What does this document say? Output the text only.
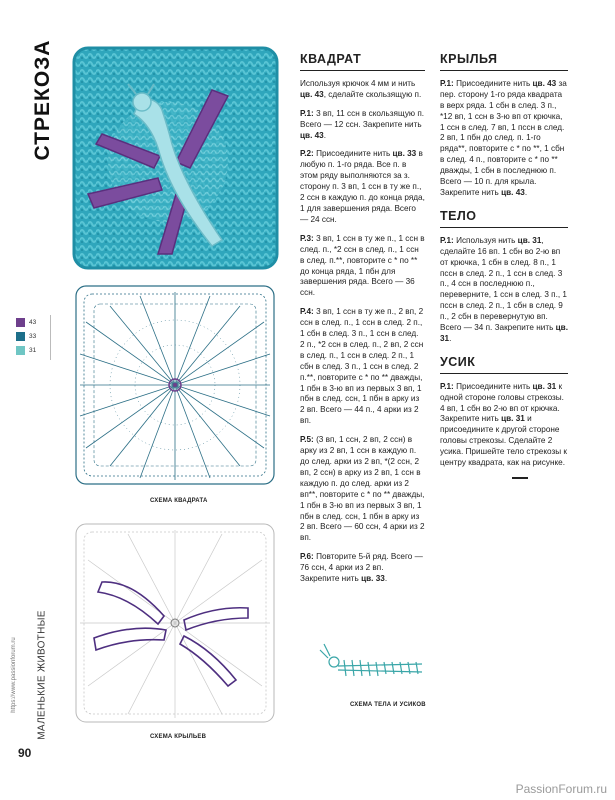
СТРЕКОЗА
43
33
31
СХЕМА КВАДРАТА
СХЕМА КРЫЛЬЕВ
СХЕМА ТЕЛА И УСИКОВ
КВАДРАТ

Используя крючок 4 мм и нить цв. 43, сделайте скользящую п.

Р.1: 3 вп, 11 ссн в скользящую п. Всего — 12 ссн. Закрепите нить цв. 43.

Р.2: Присоедините нить цв. 33 в любую п. 1-го ряда. Все п. в этом ряду выполняются за з. сторону п. 3 вп, 1 ссн в ту же п., 2 ссн в каждую п. до конца ряда, 1 для завершения ряда. Всего — 24 ссн.

Р.3: 3 вп, 1 ссн в ту же п., 1 ссн в след. п., *2 ссн в след. п., 1 ссн в след. п.**, повторите с * по ** до конца ряда, 1 пбн для завершения ряда. Всего — 36 ссн.

Р.4: 3 вп, 1 ссн в ту же п., 2 вп, 2 ссн в след. п., 1 ссн в след. 2 п., 1 сбн в след. 3 п., 1 ссн в след. 2 п., *2 ссн в след. п., 2 вп, 2 ссн в след. п., 1 ссн в след. 2 п., 1 сбн в след. 3 п., 1 ссн в след. 2 п.**, повторите с * по ** дважды, 1 пбн в 3-ю вп из первых 3 вп, 1 пбн в след. ссн, 1 пбн в арку из 2 вп. Всего — 44 п., 4 арки из 2 вп.

Р.5: (3 вп, 1 ссн, 2 вп, 2 ссн) в арку из 2 вп, 1 ссн в каждую п. до след. арки из 2 вп, *(2 ссн, 2 вп, 2 ссн) в арку из 2 вп, 1 ссн в каждую п. до след. арки из 2 вп**, повторите с * по ** дважды, 1 пбн в 3-ю вп из первых 3 вп, 1 пбн в след. ссн, 1 пбн в арку из 2 вп. Всего — 60 ссн, 4 арки из 2 вп.

Р.6: Повторите 5-й ряд. Всего — 76 ссн, 4 арки из 2 вп. Закрепите нить цв. 33.

КРЫЛЬЯ

Р.1: Присоедините нить цв. 43 за пер. сторону 1-го ряда квадрата в верх ряда. 1 сбн в след. 3 п., *12 вп, 1 ссн в 3-ю вп от крючка, 1 ссн в след. 7 вп, 1 пссн в след. 2 вп, 1 пбн до след. п. 1-го ряда**, повторите с * по **, 1 сбн в след. 4 п., повторите с * по ** дважды, 1 сбн в последнюю п. Всего — 10 п. для крыла. Закрепите нить цв. 43.

ТЕЛО

Р.1: Используя нить цв. 31, сделайте 16 вп. 1 сбн во 2-ю вп от крючка, 1 сбн в след. 8 п., 1 пссн в след. 2 п., 1 ссн в след. 3 п., 4 ссн в последнюю п., переверните, 1 ссн в след. 3 п., 1 пссн в след. 2 п., 1 сбн в след. 9 п., 2 сбн в перевернутую вп. Всего — 34 п. Закрепите нить цв. 31.

УСИК

Р.1: Присоедините нить цв. 31 к одной стороне головы стрекозы. 4 вп, 1 сбн во 2-ю вп от крючка. Закрепите нить цв. 31 и присоедините к другой стороне головы стрекозы. Сделайте 2 усика. Пришейте тело стрекозы к центру квадрата, как на рисунке.

МАЛЕНЬКИЕ ЖИВОТНЫЕ
https://www.passionforum.ru
90
PassionForum.ru
